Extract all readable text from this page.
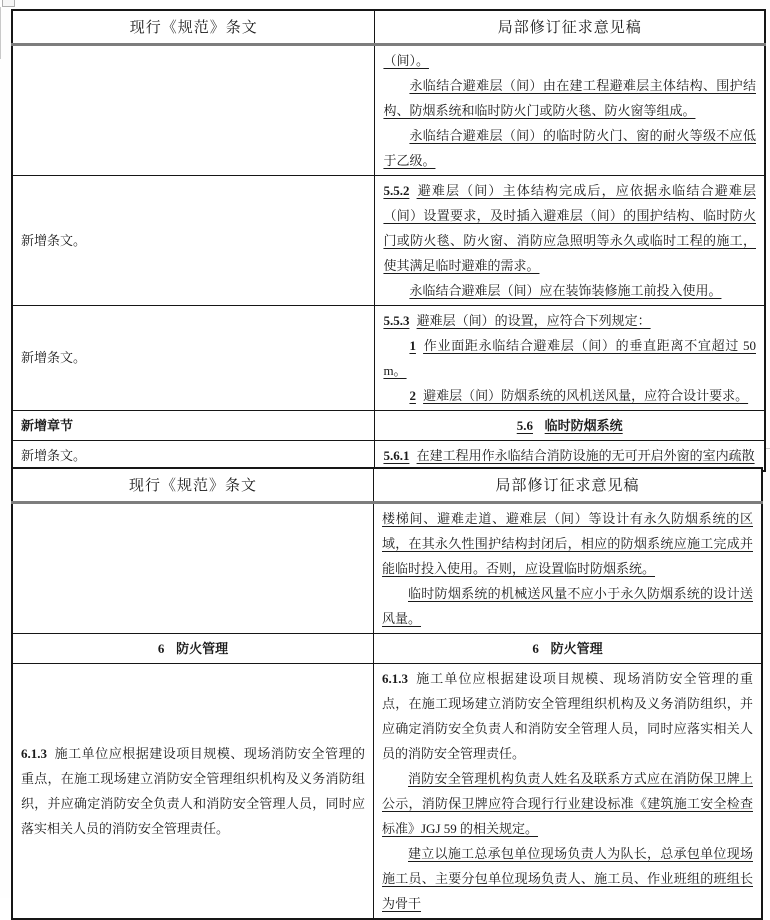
现行《规范》条文	局部修订征求意见稿

	（间）。
永临结合避难层（间）由在建工程避难层主体结构、围护结构、防烟系统和临时防火门或防火毯、防火窗等组成。
永临结合避难层（间）的临时防火门、窗的耐火等级不应低于乙级。

新增条文。	5.5.2 避难层（间）主体结构完成后，应依据永临结合避难层（间）设置要求，及时插入避难层（间）的围护结构、临时防火门或防火毯、防火窗、消防应急照明等永久或临时工程的施工，使其满足临时避难的需求。
永临结合避难层（间）应在装饰装修施工前投入使用。

新增条文。	5.5.3 避难层（间）的设置，应符合下列规定：
1 作业面距永临结合避难层（间）的垂直距离不宜超过 50m。
2 避难层（间）防烟系统的风机送风量，应符合设计要求。

新增章节	5.6 临时防烟系统

新增条文。	5.6.1 在建工程用作永临结合消防设施的无可开启外窗的室内疏散
现行《规范》条文	局部修订征求意见稿

	楼梯间、避难走道、避难层（间）等设计有永久防烟系统的区域，在其永久性围护结构封闭后，相应的防烟系统应施工完成并能临时投入使用。否则，应设置临时防烟系统。
临时防烟系统的机械送风量不应小于永久防烟系统的设计送风量。

6 防火管理	6 防火管理

6.1.3 施工单位应根据建设项目规模、现场消防安全管理的重点，在施工现场建立消防安全管理组织机构及义务消防组织，并应确定消防安全负责人和消防安全管理人员，同时应落实相关人员的消防安全管理责任。	6.1.3 施工单位应根据建设项目规模、现场消防安全管理的重点，在施工现场建立消防安全管理组织机构及义务消防组织，并应确定消防安全负责人和消防安全管理人员，同时应落实相关人员的消防安全管理责任。
消防安全管理机构负责人姓名及联系方式应在消防保卫牌上公示，消防保卫牌应符合现行行业建设标准《建筑施工安全检查标准》JGJ 59 的相关规定。
建立以施工总承包单位现场负责人为队长，总承包单位现场施工员、主要分包单位现场负责人、施工员、作业班组的班组长为骨干
